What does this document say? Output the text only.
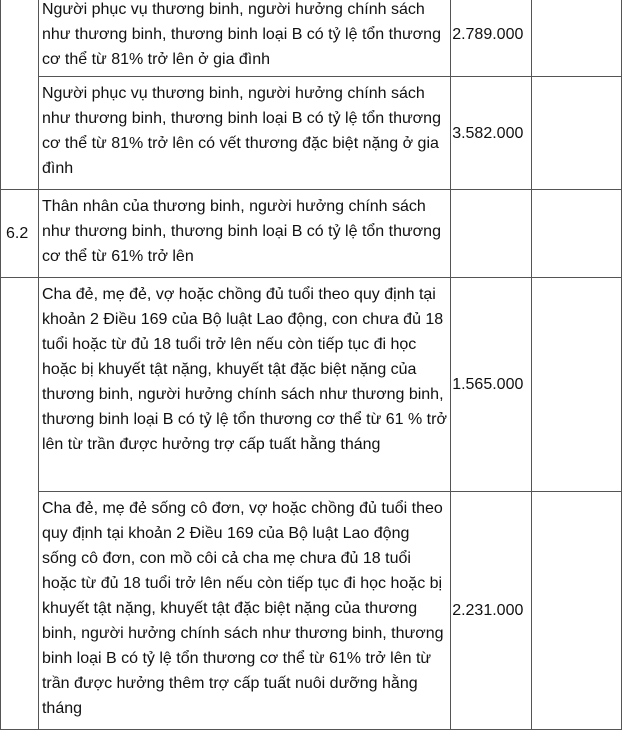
	Người phục vụ thương binh, người hưởng chính sách như thương binh, thương binh loại B có tỷ lệ tổn thương cơ thể từ 81% trở lên ở gia đình	2.789.000	

	Người phục vụ thương binh, người hưởng chính sách như thương binh, thương binh loại B có tỷ lệ tổn thương cơ thể từ 81% trở lên có vết thương đặc biệt nặng ở gia đình	3.582.000	
6.2	Thân nhân của thương binh, người hưởng chính sách như thương binh, thương binh loại B có tỷ lệ tổn thương cơ thể từ 61% trở lên		

	Cha đẻ, mẹ đẻ, vợ hoặc chồng đủ tuổi theo quy định tại khoản 2 Điều 169 của Bộ luật Lao động, con chưa đủ 18 tuổi hoặc từ đủ 18 tuổi trở lên nếu còn tiếp tục đi học hoặc bị khuyết tật nặng, khuyết tật đặc biệt nặng của thương binh, người hưởng chính sách như thương binh, thương binh loại B có tỷ lệ tổn thương cơ thể từ 61 % trở lên từ trần được hưởng trợ cấp tuất hằng tháng	1.565.000	

	Cha đẻ, mẹ đẻ sống cô đơn, vợ hoặc chồng đủ tuổi theo quy định tại khoản 2 Điều 169 của Bộ luật Lao động sống cô đơn, con mồ côi cả cha mẹ chưa đủ 18 tuổi hoặc từ đủ 18 tuổi trở lên nếu còn tiếp tục đi học hoặc bị khuyết tật nặng, khuyết tật đặc biệt nặng của thương binh, người hưởng chính sách như thương binh, thương binh loại B có tỷ lệ tổn thương cơ thể từ 61% trở lên từ trần được hưởng thêm trợ cấp tuất nuôi dưỡng hằng tháng	2.231.000	
